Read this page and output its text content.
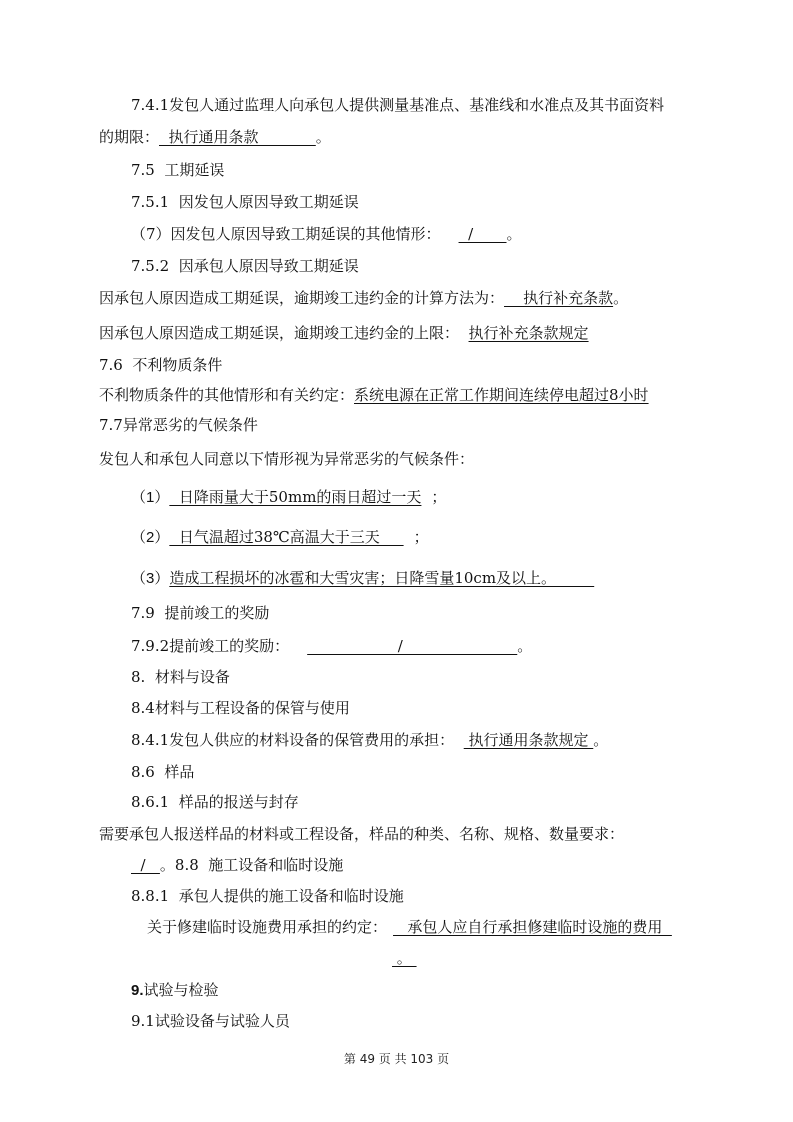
7.4.1发包人通过监理人向承包人提供测量基准点、基准线和水准点及其书面资料
的期限：  执行通用条款            。
7.5  工期延误
7.5.1  因发包人原因导致工期延误
（7）因发包人原因导致工期延误的其他情形：  /       。
7.5.2  因承包人原因导致工期延误
因承包人原因造成工期延误，逾期竣工违约金的计算方法为：    执行补充条款。
因承包人原因造成工期延误，逾期竣工违约金的上限：  执行补充条款规定
7.6  不利物质条件
不利物质条件的其他情形和有关约定：系统电源在正常工作期间连续停电超过8小时
7.7异常恶劣的气候条件
发包人和承包人同意以下情形视为异常恶劣的气候条件：
（1）  日降雨量大于50mm的雨日超过一天 ；
（2）  日气温超过38℃高温大于三天     ；
（3）造成工程损坏的冰雹和大雪灾害；日降雪量10cm及以上。
7.9  提前竣工的奖励
7.9.2提前竣工的奖励：                   /                        。
8.  材料与设备
8.4材料与工程设备的保管与使用
8.4.1发包人供应的材料设备的保管费用的承担：   执行通用条款规定 。
8.6  样品
8.6.1  样品的报送与封存
需要承包人报送样品的材料或工程设备，样品的种类、名称、规格、数量要求：
/   。8.8  施工设备和临时设施
8.8.1  承包人提供的施工设备和临时设施
关于修建临时设施费用承担的约定：   承包人应自行承担修建临时设施的费用
。
9.试验与检验
9.1试验设备与试验人员
第 49 页 共 103 页
